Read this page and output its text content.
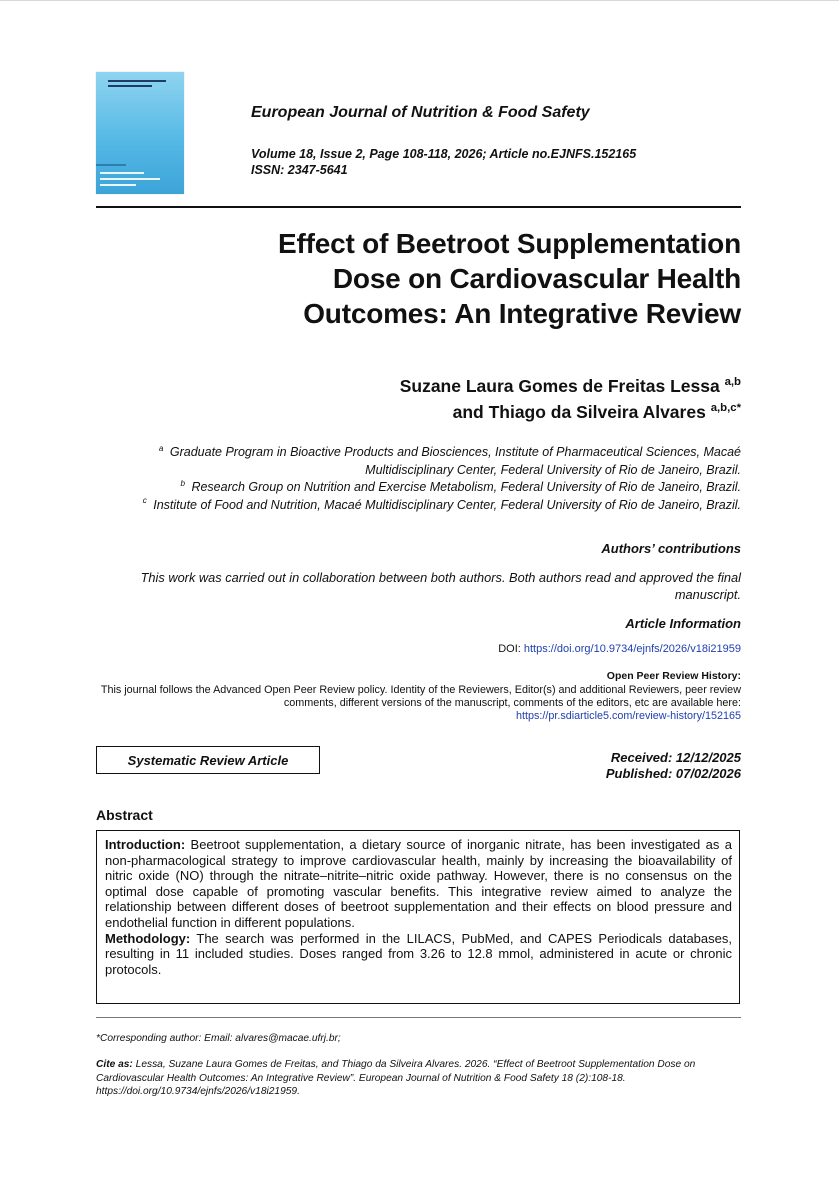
European Journal of Nutrition & Food Safety
Volume 18, Issue 2, Page 108-118, 2026; Article no.EJNFS.152165
ISSN: 2347-5641
Effect of Beetroot Supplementation
Dose on Cardiovascular Health
Outcomes: An Integrative Review
Suzane Laura Gomes de Freitas Lessa $^{a,b}$
and Thiago da Silveira Alvares $^{a,b,c*}$
$^a$ Graduate Program in Bioactive Products and Biosciences, Institute of Pharmaceutical Sciences, Macaé Multidisciplinary Center, Federal University of Rio de Janeiro, Brazil.
$^b$ Research Group on Nutrition and Exercise Metabolism, Federal University of Rio de Janeiro, Brazil.
$^c$ Institute of Food and Nutrition, Macaé Multidisciplinary Center, Federal University of Rio de Janeiro, Brazil.
Authors’ contributions
This work was carried out in collaboration between both authors. Both authors read and approved the final manuscript.
Article Information
DOI: https://doi.org/10.9734/ejnfs/2026/v18i21959
Open Peer Review History:
This journal follows the Advanced Open Peer Review policy. Identity of the Reviewers, Editor(s) and additional Reviewers, peer review comments, different versions of the manuscript, comments of the editors, etc are available here:
https://pr.sdiarticle5.com/review-history/152165
Systematic Review Article	Received: 12/12/2025
Published: 07/02/2026
Abstract

Introduction: Beetroot supplementation, a dietary source of inorganic nitrate, has been investigated as a non-pharmacological strategy to improve cardiovascular health, mainly by increasing the bioavailability of nitric oxide (NO) through the nitrate–nitrite–nitric oxide pathway. However, there is no consensus on the optimal dose capable of promoting vascular benefits. This integrative review aimed to analyze the relationship between different doses of beetroot supplementation and their effects on blood pressure and endothelial function in different populations.

Methodology: The search was performed in the LILACS, PubMed, and CAPES Periodicals databases, resulting in 11 included studies. Doses ranged from 3.26 to 12.8 mmol, administered in acute or chronic protocols.

*Corresponding author: Email: alvares@macae.ufrj.br;
Cite as: Lessa, Suzane Laura Gomes de Freitas, and Thiago da Silveira Alvares. 2026. “Effect of Beetroot Supplementation Dose on Cardiovascular Health Outcomes: An Integrative Review”. European Journal of Nutrition & Food Safety 18 (2):108-18. https://doi.org/10.9734/ejnfs/2026/v18i21959.
